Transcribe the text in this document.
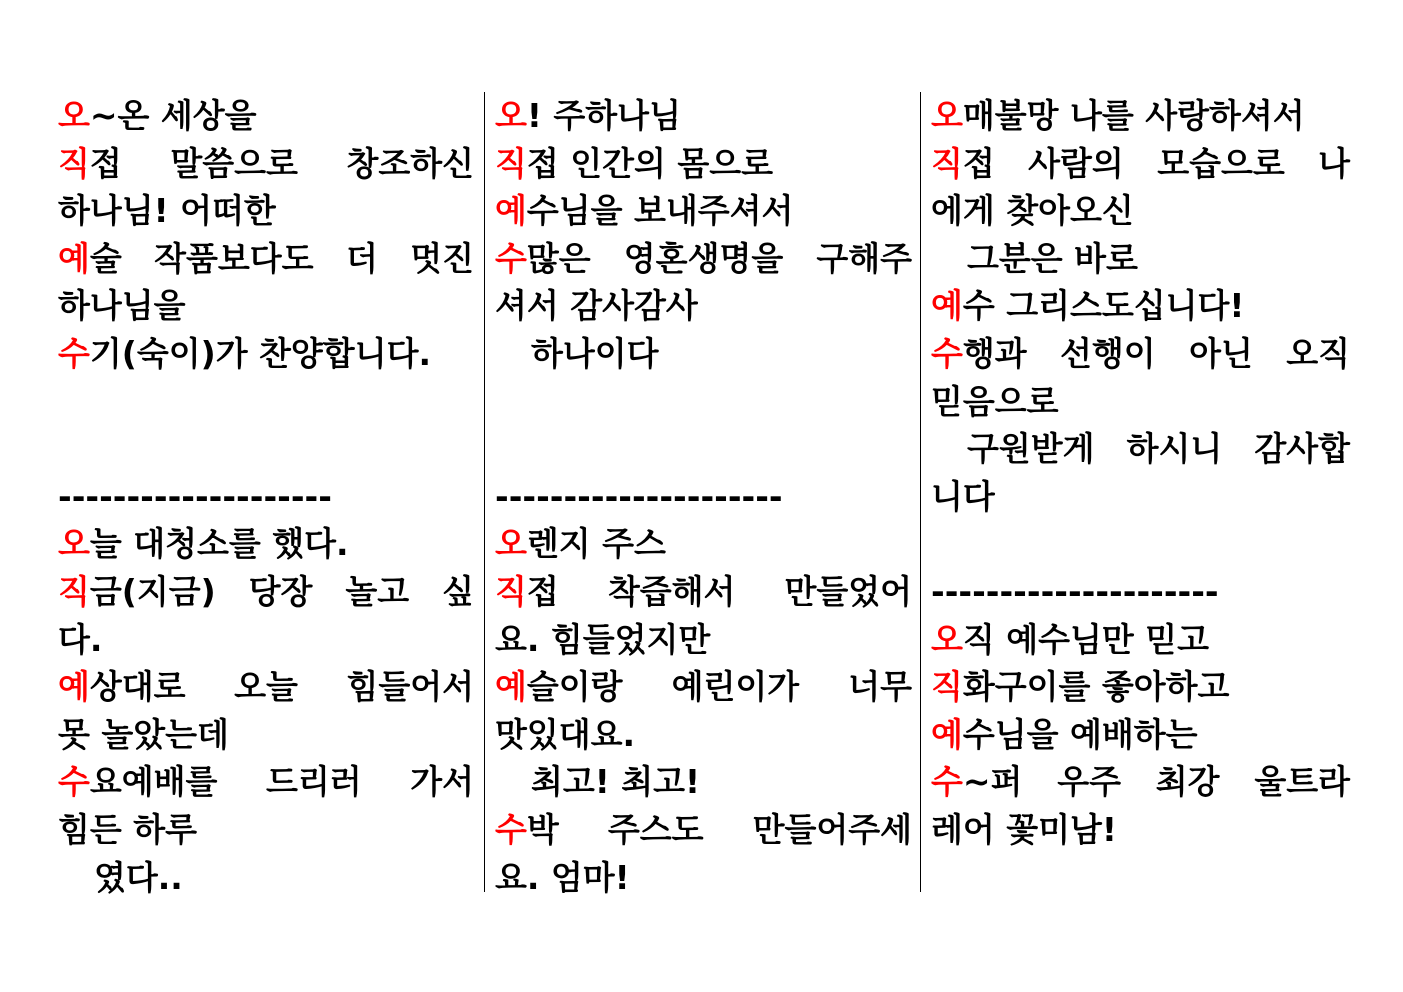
오~온 세상을
직접 말씀으로 창조하신
하나님! 어떠한
예술 작품보다도 더 멋진
하나님을
수기(숙이)가 찬양합니다.
--------------------
오늘 대청소를 했다.
직금(지금) 당장 놀고 싶
다.
예상대로 오늘 힘들어서
못 놀았는데
수요예배를 드리러 가서
힘든 하루
였다..
오! 주하나님
직접 인간의 몸으로
예수님을 보내주셔서
수많은 영혼생명을 구해주
셔서 감사감사
하나이다
---------------------
오렌지 주스
직접 착즙해서 만들었어
요. 힘들었지만
예슬이랑 예린이가 너무
맛있대요.
최고! 최고!
수박 주스도 만들어주세
요. 엄마!
오매불망 나를 사랑하셔서
직접 사람의 모습으로 나
에게 찾아오신
그분은 바로
예수 그리스도십니다!
수행과 선행이 아닌 오직
믿음으로
구원받게 하시니 감사합
니다
---------------------
오직 예수님만 믿고
직화구이를 좋아하고
예수님을 예배하는
수~퍼 우주 최강 울트라
레어 꽃미남!
